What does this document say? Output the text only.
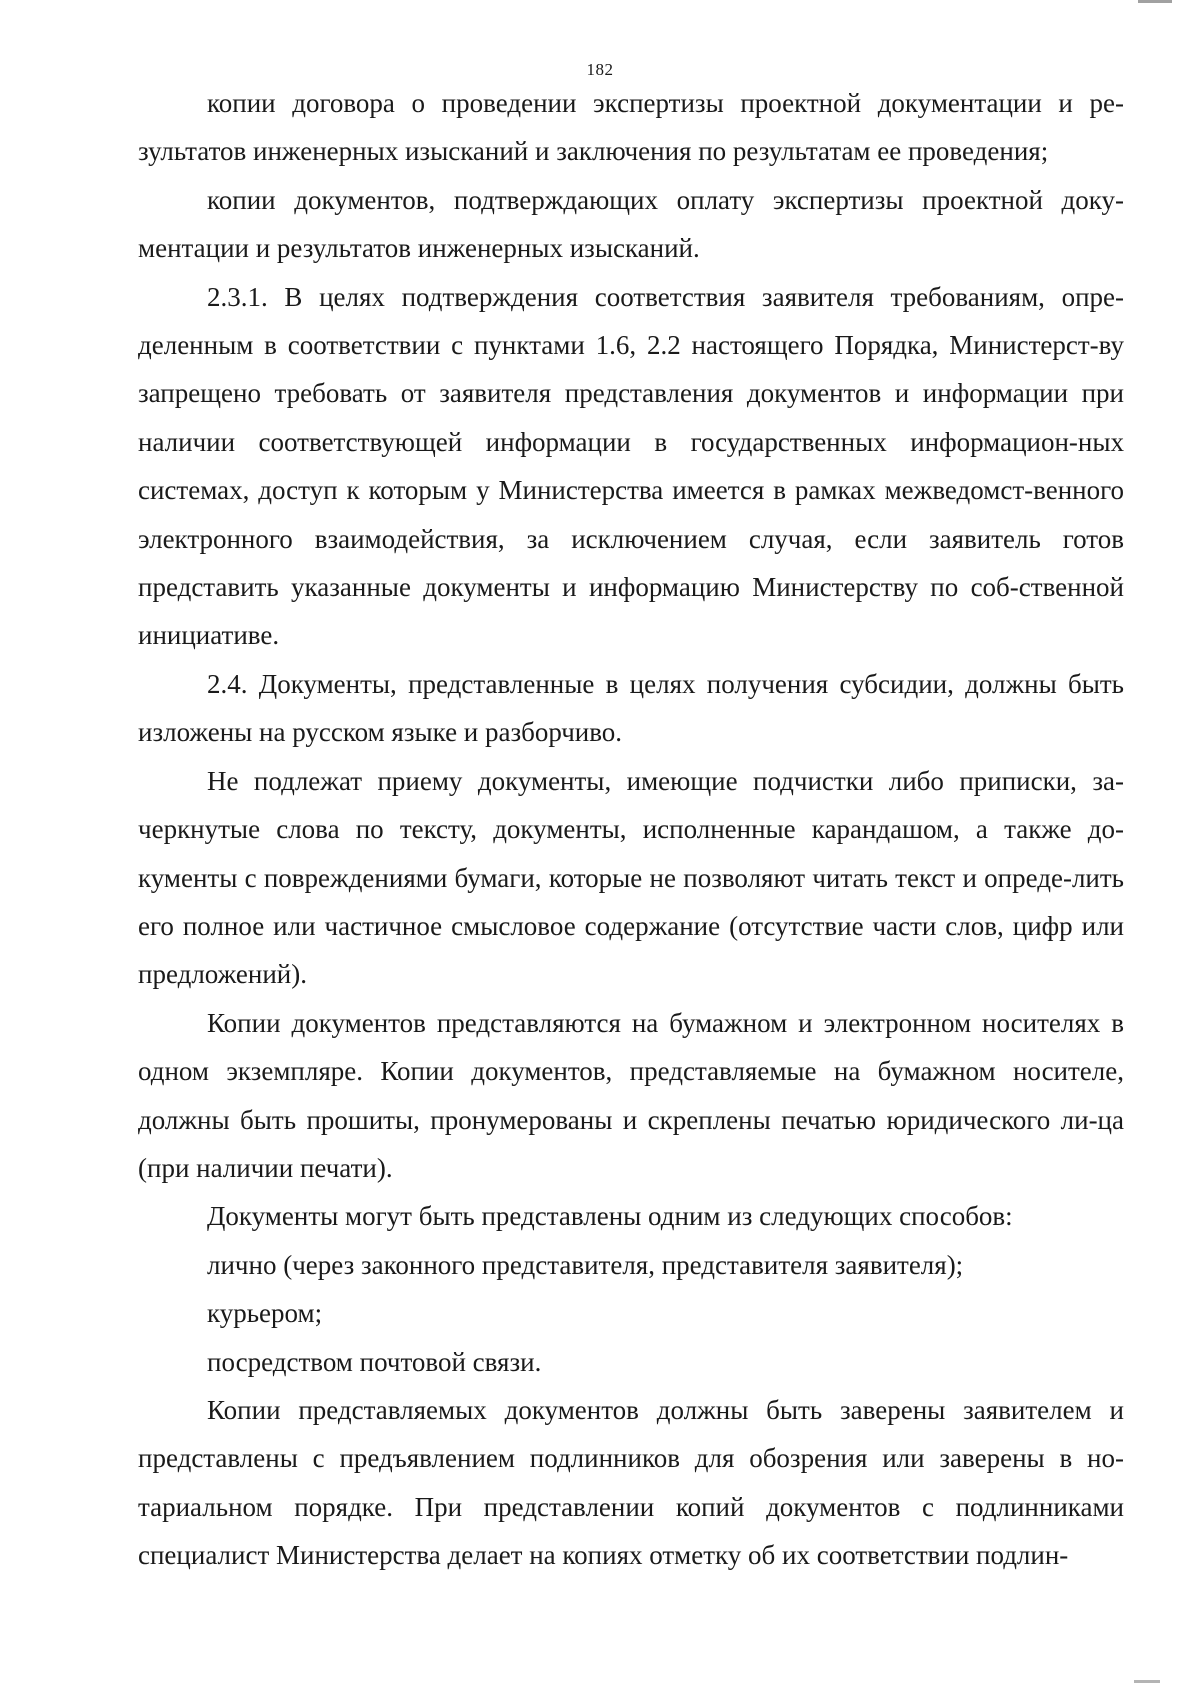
182

копии договора о проведении экспертизы проектной документации и ре-зультатов инженерных изысканий и заключения по результатам ее проведения;

копии документов, подтверждающих оплату экспертизы проектной доку-ментации и результатов инженерных изысканий.

2.3.1. В целях подтверждения соответствия заявителя требованиям, опре-деленным в соответствии с пунктами 1.6, 2.2 настоящего Порядка, Министерст-ву запрещено требовать от заявителя представления документов и информации при наличии соответствующей информации в государственных информацион-ных системах, доступ к которым у Министерства имеется в рамках межведомст-венного электронного взаимодействия, за исключением случая, если заявитель готов представить указанные документы и информацию Министерству по соб-ственной инициативе.

2.4. Документы, представленные в целях получения субсидии, должны быть изложены на русском языке и разборчиво.

Не подлежат приему документы, имеющие подчистки либо приписки, за-черкнутые слова по тексту, документы, исполненные карандашом, а также до-кументы с повреждениями бумаги, которые не позволяют читать текст и опреде-лить его полное или частичное смысловое содержание (отсутствие части слов, цифр или предложений).

Копии документов представляются на бумажном и электронном носителях в одном экземпляре. Копии документов, представляемые на бумажном носителе, должны быть прошиты, пронумерованы и скреплены печатью юридического ли-ца (при наличии печати).

Документы могут быть представлены одним из следующих способов:

лично (через законного представителя, представителя заявителя);

курьером;

посредством почтовой связи.

Копии представляемых документов должны быть заверены заявителем и представлены с предъявлением подлинников для обозрения или заверены в но-тариальном порядке. При представлении копий документов с подлинниками специалист Министерства делает на копиях отметку об их соответствии подлин-
